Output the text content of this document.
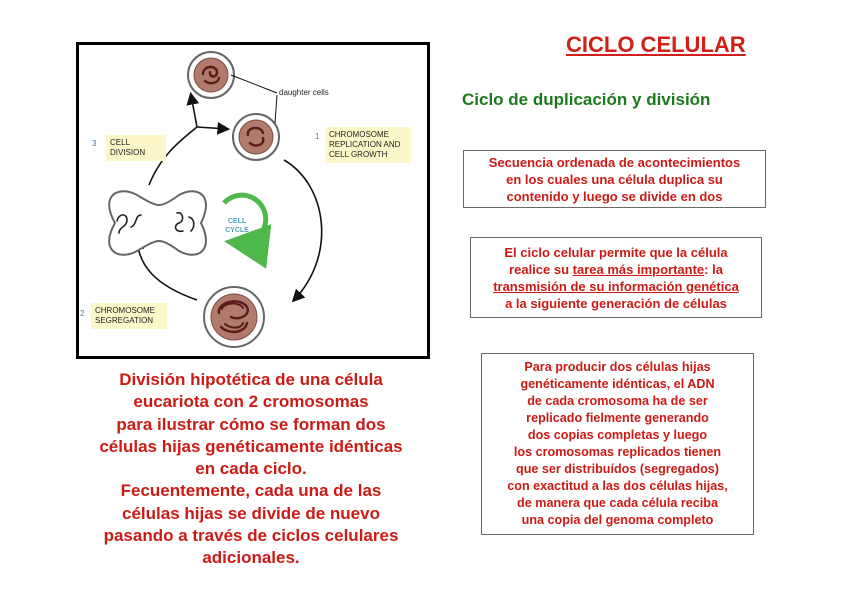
CICLO CELULAR
Ciclo de duplicación y división
CELL
CYCLE
daughter cells
1	CHROMOSOME
REPLICATION AND
CELL GROWTH
3	CELL
DIVISION
2	CHROMOSOME
SEGREGATION
Secuencia ordenada de acontecimientos
en los cuales una célula duplica su
contenido y luego se divide en dos
El ciclo celular permite que la célula
realice su tarea más importante: la
transmisión de su información genética
a la siguiente generación de células
Para producir dos células hijas
genéticamente idénticas, el ADN
de cada cromosoma ha de ser
replicado fielmente generando
dos copias completas y luego
los cromosomas replicados tienen
que ser distribuídos (segregados)
con exactitud a las dos células hijas,
de manera que cada célula reciba
una copia del genoma completo
División hipotética de una célula
eucariota con 2 cromosomas
para ilustrar cómo se forman dos
células hijas genéticamente idénticas
en cada ciclo.
Fecuentemente, cada una de las
células hijas se divide de nuevo
pasando a través de ciclos celulares
adicionales.
